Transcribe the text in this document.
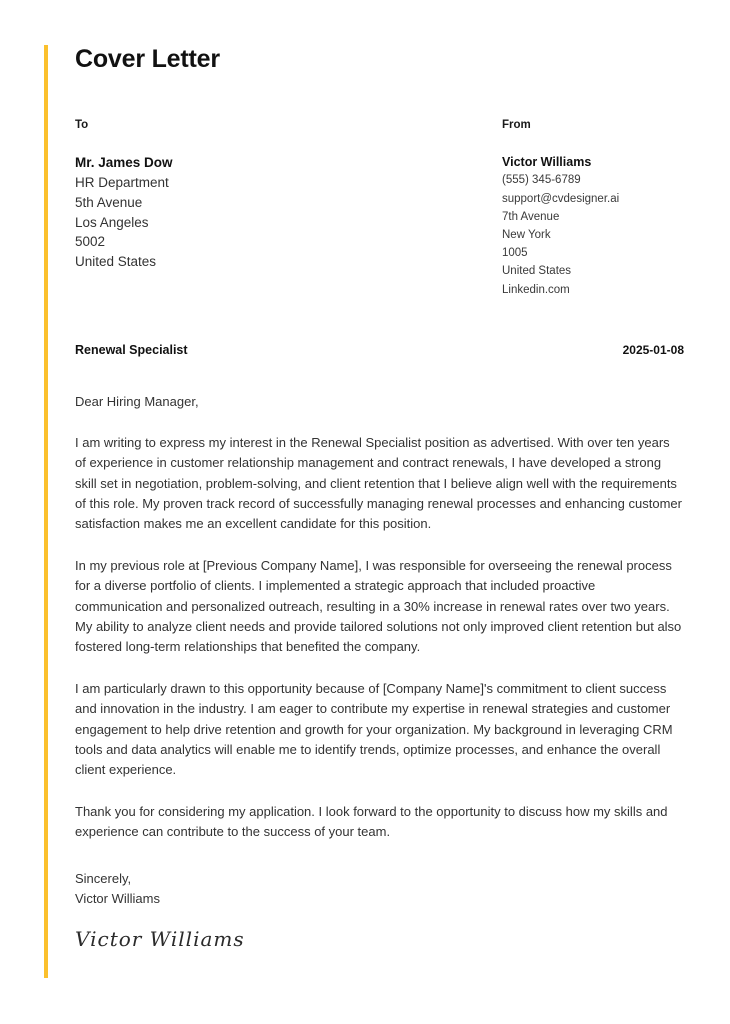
Cover Letter
To
Mr. James Dow
HR Department
5th Avenue
Los Angeles
5002
United States
From
Victor Williams
(555) 345-6789
support@cvdesigner.ai
7th Avenue
New York
1005
United States
Linkedin.com
Renewal Specialist	2025-01-08
Dear Hiring Manager,

I am writing to express my interest in the Renewal Specialist position as advertised. With over ten years of experience in customer relationship management and contract renewals, I have developed a strong skill set in negotiation, problem-solving, and client retention that I believe align well with the requirements of this role. My proven track record of successfully managing renewal processes and enhancing customer satisfaction makes me an excellent candidate for this position.

In my previous role at [Previous Company Name], I was responsible for overseeing the renewal process for a diverse portfolio of clients. I implemented a strategic approach that included proactive communication and personalized outreach, resulting in a 30% increase in renewal rates over two years. My ability to analyze client needs and provide tailored solutions not only improved client retention but also fostered long-term relationships that benefited the company.

I am particularly drawn to this opportunity because of [Company Name]'s commitment to client success and innovation in the industry. I am eager to contribute my expertise in renewal strategies and customer engagement to help drive retention and growth for your organization. My background in leveraging CRM tools and data analytics will enable me to identify trends, optimize processes, and enhance the overall client experience.

Thank you for considering my application. I look forward to the opportunity to discuss how my skills and experience can contribute to the success of your team.

Sincerely,
Victor Williams
Victor Williams
